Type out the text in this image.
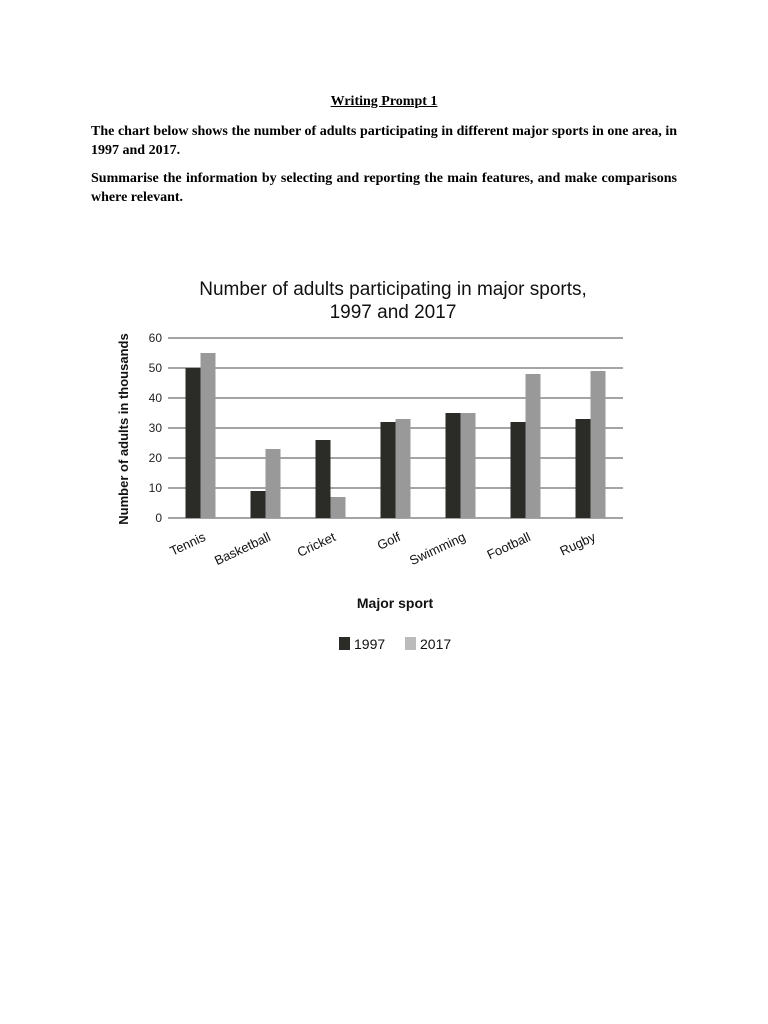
Writing Prompt 1

The chart below shows the number of adults participating in different major sports in one area, in 1997 and 2017.

Summarise the information by selecting and reporting the main features, and make comparisons where relevant.

Number of adults participating in major sports,
1997 and 2017
Number of adults in thousands
Major sport
0
10
20
30
40
50
60
Tennis Basketball Cricket	Golf Swimming Football Rugby
1997 2017
